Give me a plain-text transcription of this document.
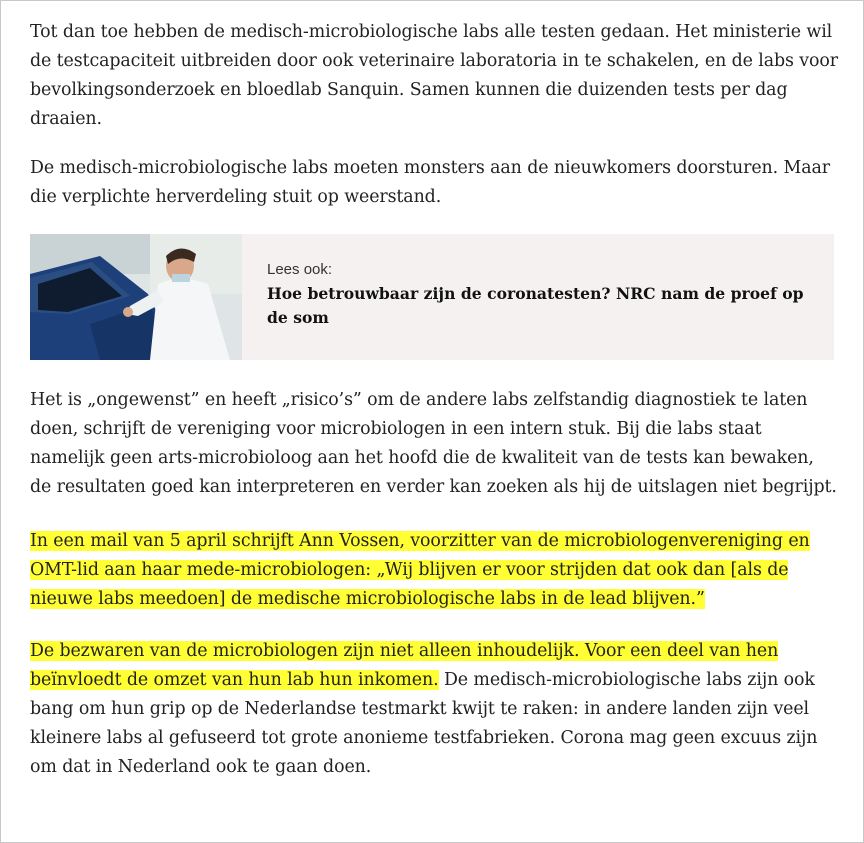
Tot dan toe hebben de medisch-microbiologische labs alle testen gedaan. Het ministerie wil de testcapaciteit uitbreiden door ook veterinaire laboratoria in te schakelen, en de labs voor bevolkingsonderzoek en bloedlab Sanquin. Samen kunnen die duizenden tests per dag draaien.

De medisch-microbiologische labs moeten monsters aan de nieuwkomers doorsturen. Maar die verplichte herverdeling stuit op weerstand.

Lees ook:
Hoe betrouwbaar zijn de coronatesten? NRC nam de proef op de som

Het is „ongewenst” en heeft „risico’s” om de andere labs zelfstandig diagnostiek te laten doen, schrijft de vereniging voor microbiologen in een intern stuk. Bij die labs staat namelijk geen arts-microbioloog aan het hoofd die de kwaliteit van de tests kan bewaken, de resultaten goed kan interpreteren en verder kan zoeken als hij de uitslagen niet begrijpt.

In een mail van 5 april schrijft Ann Vossen, voorzitter van de microbiologenvereniging en OMT-lid aan haar mede-microbiologen: „Wij blijven er voor strijden dat ook dan [als de nieuwe labs meedoen] de medische microbiologische labs in de lead blijven.”

De bezwaren van de microbiologen zijn niet alleen inhoudelijk. Voor een deel van hen beïnvloedt de omzet van hun lab hun inkomen. De medisch-microbiologische labs zijn ook bang om hun grip op de Nederlandse testmarkt kwijt te raken: in andere landen zijn veel kleinere labs al gefuseerd tot grote anonieme testfabrieken. Corona mag geen excuus zijn om dat in Nederland ook te gaan doen.
